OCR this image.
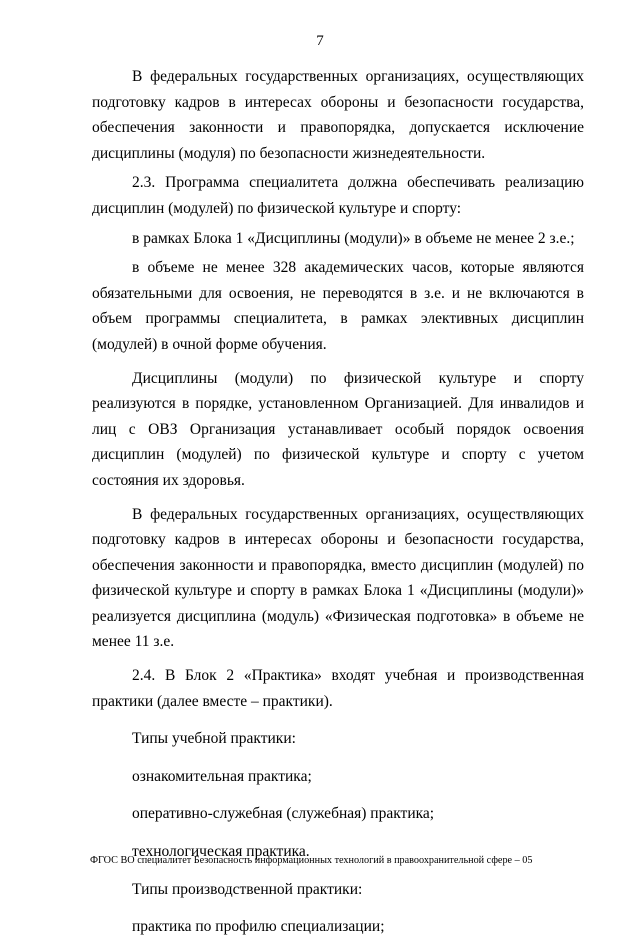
7

В федеральных государственных организациях, осуществляющих подготовку кадров в интересах обороны и безопасности государства, обеспечения законности и правопорядка, допускается исключение дисциплины (модуля) по безопасности жизнедеятельности.

2.3. Программа специалитета должна обеспечивать реализацию дисциплин (модулей) по физической культуре и спорту:

в рамках Блока 1 «Дисциплины (модули)» в объеме не менее 2 з.е.;

в объеме не менее 328 академических часов, которые являются обязательными для освоения, не переводятся в з.е. и не включаются в объем программы специалитета, в рамках элективных дисциплин (модулей) в очной форме обучения.

Дисциплины (модули) по физической культуре и спорту реализуются в порядке, установленном Организацией. Для инвалидов и лиц с ОВЗ Организация устанавливает особый порядок освоения дисциплин (модулей) по физической культуре и спорту с учетом состояния их здоровья.

В федеральных государственных организациях, осуществляющих подготовку кадров в интересах обороны и безопасности государства, обеспечения законности и правопорядка, вместо дисциплин (модулей) по физической культуре и спорту в рамках Блока 1 «Дисциплины (модули)» реализуется дисциплина (модуль) «Физическая подготовка» в объеме не менее 11 з.е.

2.4. В Блок 2 «Практика» входят учебная и производственная практики (далее вместе – практики).

Типы учебной практики:

ознакомительная практика;

оперативно-служебная (служебная) практика;

технологическая практика.

Типы производственной практики:

практика по профилю специализации;

ФГОС ВО специалитет Безопасность информационных технологий в правоохранительной сфере – 05
